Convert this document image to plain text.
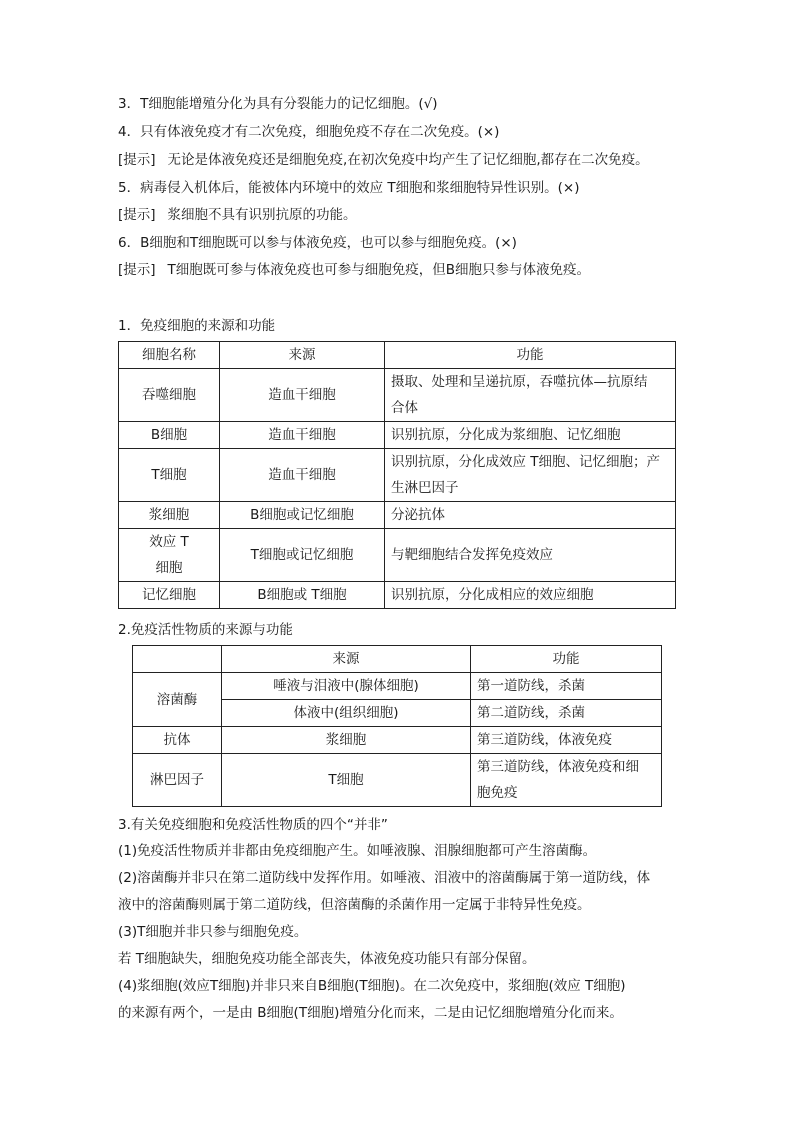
3．T细胞能增殖分化为具有分裂能力的记忆细胞。(√)
4．只有体液免疫才有二次免疫，细胞免疫不存在二次免疫。(×)
[提示] 无论是体液免疫还是细胞免疫,在初次免疫中均产生了记忆细胞,都存在二次免疫。
5．病毒侵入机体后，能被体内环境中的效应 T细胞和浆细胞特异性识别。(×)
[提示] 浆细胞不具有识别抗原的功能。
6．B细胞和T细胞既可以参与体液免疫，也可以参与细胞免疫。(×)
[提示] T细胞既可参与体液免疫也可参与细胞免疫，但B细胞只参与体液免疫。
1．免疫细胞的来源和功能
细胞名称	来源	功能
吞噬细胞	造血干细胞	摄取、处理和呈递抗原，吞噬抗体—抗原结
合体
B细胞	造血干细胞	识别抗原，分化成为浆细胞、记忆细胞
T细胞	造血干细胞	识别抗原，分化成效应 T细胞、记忆细胞；产
生淋巴因子
浆细胞	B细胞或记忆细胞	分泌抗体
效应 T
细胞	T细胞或记忆细胞	与靶细胞结合发挥免疫效应
记忆细胞	B细胞或 T细胞	识别抗原，分化成相应的效应细胞
2.免疫活性物质的来源与功能
	来源	功能
溶菌酶	唾液与泪液中(腺体细胞)	第一道防线，杀菌
	体液中(组织细胞)	第二道防线，杀菌
抗体	浆细胞	第三道防线，体液免疫
淋巴因子	T细胞	第三道防线，体液免疫和细
胞免疫
3.有关免疫细胞和免疫活性物质的四个“并非”
(1)免疫活性物质并非都由免疫细胞产生。如唾液腺、泪腺细胞都可产生溶菌酶。
(2)溶菌酶并非只在第二道防线中发挥作用。如唾液、泪液中的溶菌酶属于第一道防线，体
液中的溶菌酶则属于第二道防线，但溶菌酶的杀菌作用一定属于非特异性免疫。
(3)T细胞并非只参与细胞免疫。
若 T细胞缺失，细胞免疫功能全部丧失，体液免疫功能只有部分保留。
(4)浆细胞(效应T细胞)并非只来自B细胞(T细胞)。在二次免疫中，浆细胞(效应 T细胞)
的来源有两个，一是由 B细胞(T细胞)增殖分化而来，二是由记忆细胞增殖分化而来。
